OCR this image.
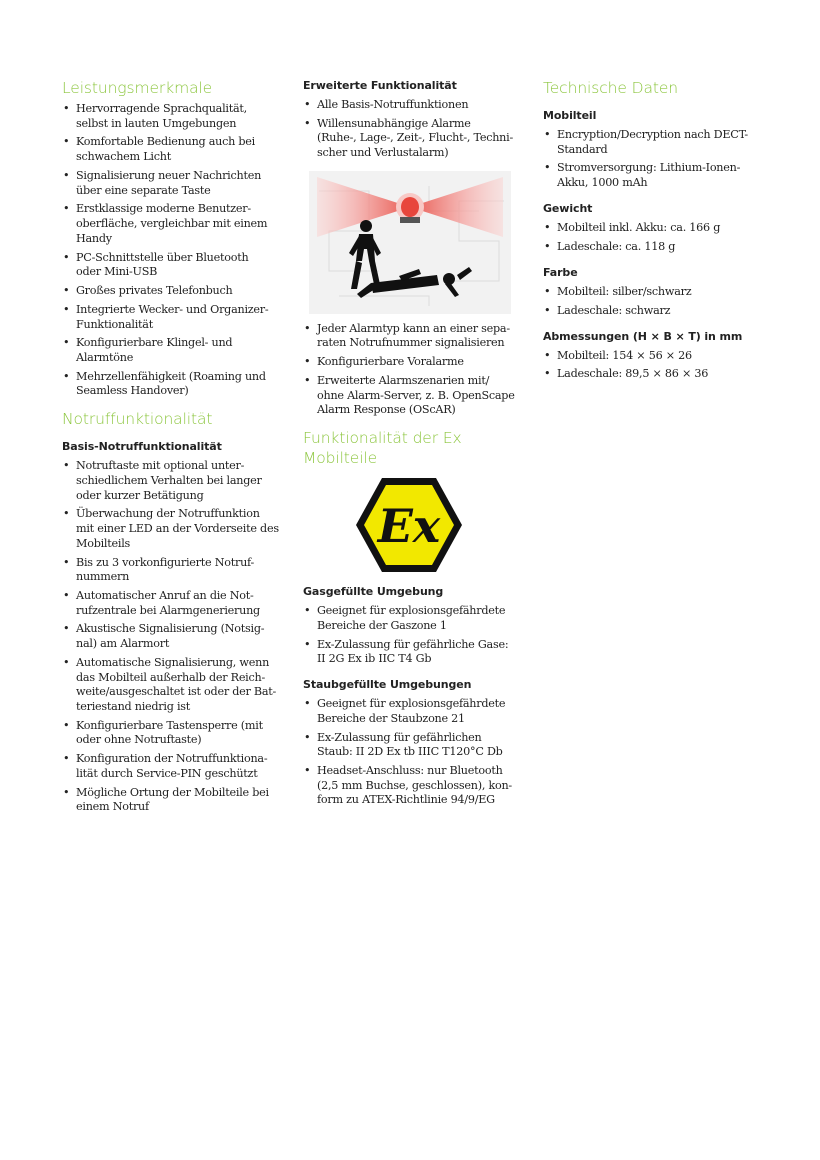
Leistungsmerkmale
• Hervorragende Sprachqualität,
selbst in lauten Umgebungen
• Komfortable Bedienung auch bei
schwachem Licht
• Signalisierung neuer Nachrichten
über eine separate Taste
• Erstklassige moderne Benutzer-
oberfläche, vergleichbar mit einem
Handy
• PC-Schnittstelle über Bluetooth
oder Mini-USB
• Großes privates Telefonbuch
• Integrierte Wecker- und Organizer-
Funktionalität
• Konfigurierbare Klingel- und
Alarmtöne
• Mehrzellenfähigkeit (Roaming und
Seamless Handover)
Notruffunktionalität
Basis-Notruffunktionalität
• Notruftaste mit optional unter-
schiedlichem Verhalten bei langer
oder kurzer Betätigung
• Überwachung der Notruffunktion
mit einer LED an der Vorderseite des
Mobilteils
• Bis zu 3 vorkonfigurierte Notruf-
nummern
• Automatischer Anruf an die Not-
rufzentrale bei Alarmgenerierung
• Akustische Signalisierung (Notsig-
nal) am Alarmort
• Automatische Signalisierung, wenn
das Mobilteil außerhalb der Reich-
weite/ausgeschaltet ist oder der Bat-
teriestand niedrig ist
• Konfigurierbare Tastensperre (mit
oder ohne Notruftaste)
• Konfiguration der Notruffunktiona-
lität durch Service-PIN geschützt
• Mögliche Ortung der Mobilteile bei
einem Notruf
Erweiterte Funktionalität
• Alle Basis-Notruffunktionen
• Willensunabhängige Alarme
(Ruhe-, Lage-, Zeit-, Flucht-, Techni-
scher und Verlustalarm)
• Jeder Alarmtyp kann an einer sepa-
raten Notrufnummer signalisieren
• Konfigurierbare Voralarme
• Erweiterte Alarmszenarien mit/
ohne Alarm-Server, z. B. OpenScape
Alarm Response (OScAR)
Funktionalität der Ex Mobilteile
Ex
Gasgefüllte Umgebung
• Geeignet für explosionsgefährdete
Bereiche der Gaszone 1
• Ex-Zulassung für gefährliche Gase:
II 2G Ex ib IIC T4 Gb
Staubgefüllte Umgebungen
• Geeignet für explosionsgefährdete
Bereiche der Staubzone 21
• Ex-Zulassung für gefährlichen
Staub: II 2D Ex tb IIIC T120°C Db
• Headset-Anschluss: nur Bluetooth
(2,5 mm Buchse, geschlossen), kon-
form zu ATEX-Richtlinie 94/9/EG
Technische Daten
Mobilteil
• Encryption/Decryption nach DECT-
Standard
• Stromversorgung: Lithium-Ionen-
Akku, 1000 mAh
Gewicht
• Mobilteil inkl. Akku: ca. 166 g
• Ladeschale: ca. 118 g
Farbe
• Mobilteil: silber/schwarz
• Ladeschale: schwarz
Abmessungen (H × B × T) in mm
• Mobilteil: 154 × 56 × 26
• Ladeschale: 89,5 × 86 × 36
